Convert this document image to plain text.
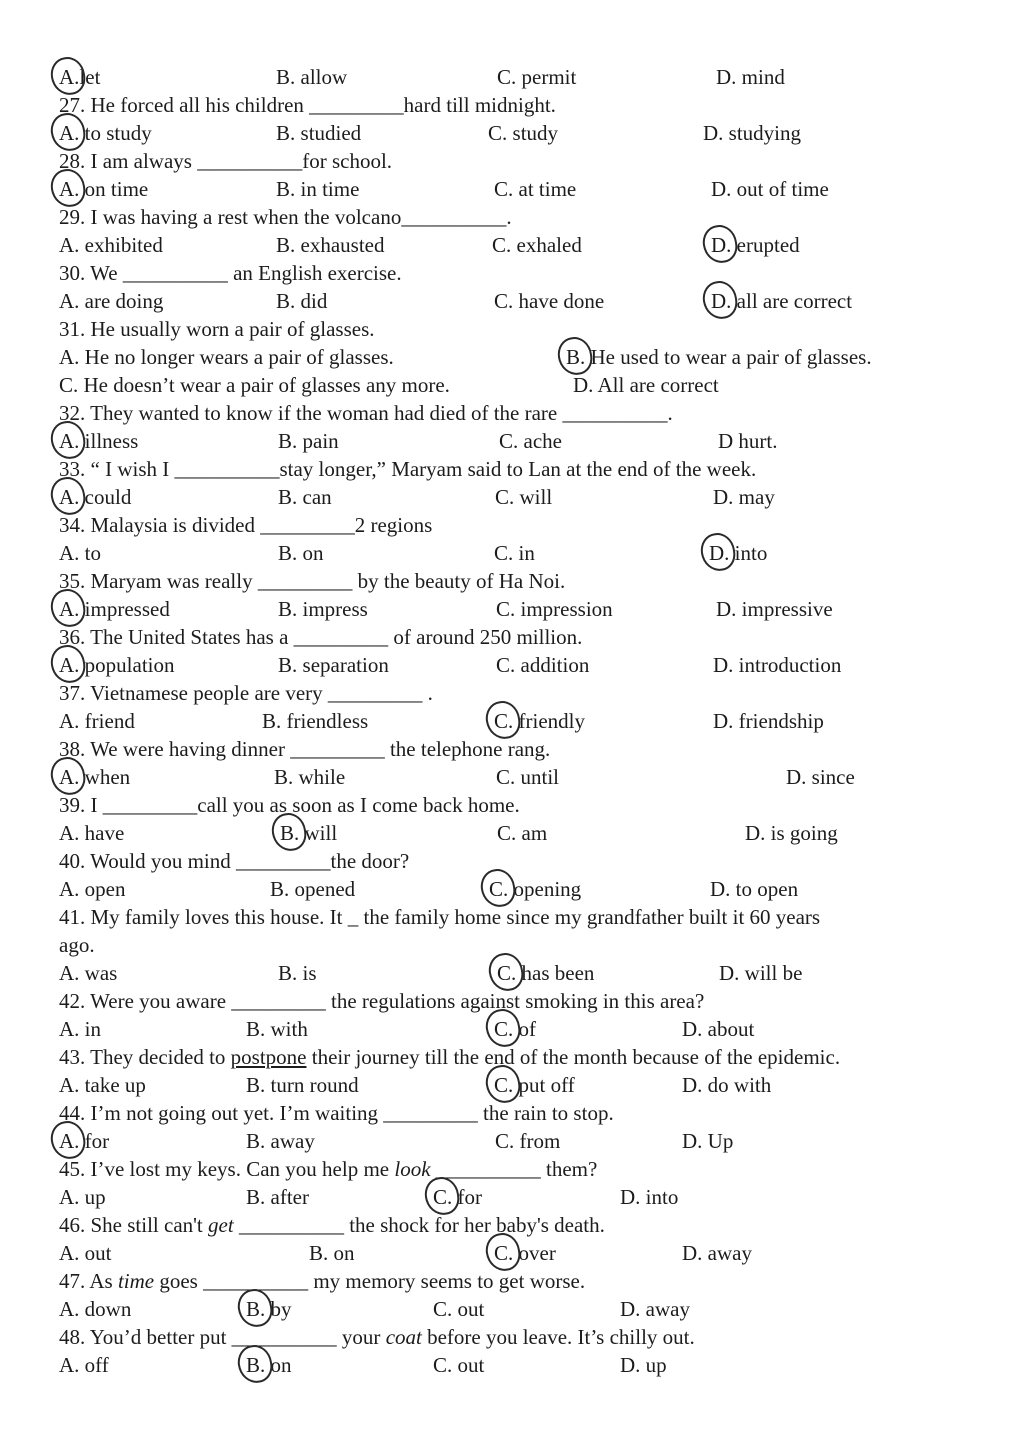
A.let	B. allow	C. permit	D. mind
27. He forced all his children _________hard till midnight.
A. to study	B. studied	C. study	D. studying
28. I am always __________for school.
A. on time	B. in time	C. at time	D. out of time
29. I was having a rest when the volcano__________.
A. exhibited	B. exhausted	C. exhaled	D. erupted
30. We __________ an English exercise.
A. are doing	B. did	C. have done	D. all are correct
31. He usually worn a pair of glasses.
A. He no longer wears a pair of glasses.	B. He used to wear a pair of glasses.
C. He doesn’t wear a pair of glasses any more.	D. All are correct
32. They wanted to know if the woman had died of the rare __________.
A. illness	B. pain	C. ache	D hurt.
33. “ I wish I __________stay longer,” Maryam said to Lan at the end of the week.
A. could	B. can	C. will	D. may
34. Malaysia is divided _________2 regions
A. to	B. on	C. in	D. into
35. Maryam was really _________ by the beauty of Ha Noi.
A. impressed	B. impress	C. impression	D. impressive
36. The United States has a _________ of around 250 million.
A. population	B. separation	C. addition	D. introduction
37. Vietnamese people are very _________ .
A. friend	B. friendless	C. friendly	D. friendship
38. We were having dinner _________ the telephone rang.
A. when	B. while	C. until	D. since
39. I _________call you as soon as I come back home.
A. have	B. will	C. am	D. is going
40. Would you mind _________the door?
A. open	B. opened	C. opening	D. to open
41. My family loves this house. It _ the family home since my grandfather built it 60 years
ago.
A. was	B. is	C. has been	D. will be
42. Were you aware _________ the regulations against smoking in this area?
A. in	B. with	C. of	D. about
43. They decided to postpone their journey till the end of the month because of the epidemic.
A. take up	B. turn round	C. put off	D. do with
44. I’m not going out yet. I’m waiting _________ the rain to stop.
A. for	B. away	C. from	D. Up
45. I’ve lost my keys. Can you help me look __________ them?
A. up	B. after	C. for	D. into
46. She still can't get __________ the shock for her baby's death.
A. out	B. on	C. over	D. away
47. As time goes __________ my memory seems to get worse.
A. down	B. by	C. out	D. away
48. You’d better put __________ your coat before you leave. It’s chilly out.
A. off	B. on	C. out	D. up
